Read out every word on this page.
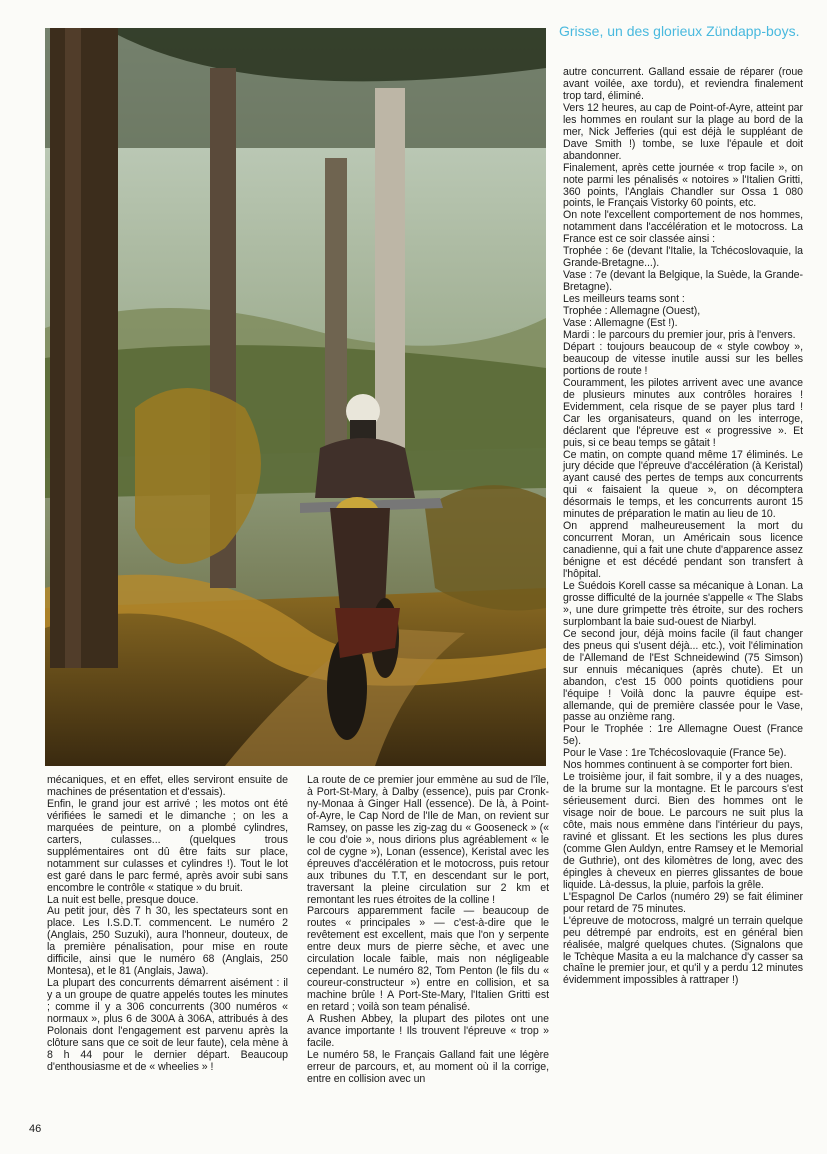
Grisse, un des glorieux Zündapp-boys.

mécaniques, et en effet, elles serviront ensuite de machines de présentation et d'essais).

Enfin, le grand jour est arrivé ; les motos ont été vérifiées le samedi et le dimanche ; on les a marquées de peinture, on a plombé cylindres, carters, culasses... (quelques trous supplémentaires ont dû être faits sur place, notamment sur culasses et cylindres !). Tout le lot est garé dans le parc fermé, après avoir subi sans encombre le contrôle « statique » du bruit.

La nuit est belle, presque douce.

Au petit jour, dès 7 h 30, les spectateurs sont en place. Les I.S.D.T. commencent. Le numéro 2 (Anglais, 250 Suzuki), aura l'honneur, douteux, de la première pénalisation, pour mise en route difficile, ainsi que le numéro 68 (Anglais, 250 Montesa), et le 81 (Anglais, Jawa).

La plupart des concurrents démarrent aisément : il y a un groupe de quatre appelés toutes les minutes ; comme il y a 306 concurrents (300 numéros « normaux », plus 6 de 300A à 306A, attribués à des Polonais dont l'engagement est parvenu après la clôture sans que ce soit de leur faute), cela mène à 8 h 44 pour le dernier départ. Beaucoup d'enthousiasme et de « wheelies » !

La route de ce premier jour emmène au sud de l'île, à Port-St-Mary, à Dalby (essence), puis par Cronk-ny-Monaa à Ginger Hall (essence). De là, à Point-of-Ayre, le Cap Nord de l'Ile de Man, on revient sur Ramsey, on passe les zig-zag du « Gooseneck » (« le cou d'oie », nous dirions plus agréablement « le col de cygne »), Lonan (essence), Keristal avec les épreuves d'accélération et le motocross, puis retour aux tribunes du T.T, en descendant sur le port, traversant la pleine circulation sur 2 km et remontant les rues étroites de la colline !

Parcours apparemment facile — beaucoup de routes « principales » — c'est-à-dire que le revêtement est excellent, mais que l'on y serpente entre deux murs de pierre sèche, et avec une circulation locale faible, mais non négligeable cependant. Le numéro 82, Tom Penton (le fils du « coureur-constructeur ») entre en collision, et sa machine brûle ! A Port-Ste-Mary, l'Italien Gritti est en retard ; voilà son team pénalisé.

A Rushen Abbey, la plupart des pilotes ont une avance importante ! Ils trouvent l'épreuve « trop » facile.

Le numéro 58, le Français Galland fait une légère erreur de parcours, et, au moment où il la corrige, entre en collision avec un

autre concurrent. Galland essaie de réparer (roue avant voilée, axe tordu), et reviendra finalement trop tard, éliminé.

Vers 12 heures, au cap de Point-of-Ayre, atteint par les hommes en roulant sur la plage au bord de la mer, Nick Jefferies (qui est déjà le suppléant de Dave Smith !) tombe, se luxe l'épaule et doit abandonner.

Finalement, après cette journée « trop facile », on note parmi les pénalisés « notoires » l'Italien Gritti, 360 points, l'Anglais Chandler sur Ossa 1 080 points, le Français Vistorky 60 points, etc.

On note l'excellent comportement de nos hommes, notamment dans l'accélération et le motocross. La France est ce soir classée ainsi :

Trophée : 6e (devant l'Italie, la Tchécoslovaquie, la Grande-Bretagne...).

Vase : 7e (devant la Belgique, la Suède, la Grande-Bretagne).

Les meilleurs teams sont :

Trophée : Allemagne (Ouest),

Vase : Allemagne (Est !).

Mardi : le parcours du premier jour, pris à l'envers.

Départ : toujours beaucoup de « style cowboy », beaucoup de vitesse inutile aussi sur les belles portions de route !

Couramment, les pilotes arrivent avec une avance de plusieurs minutes aux contrôles horaires ! Evidemment, cela risque de se payer plus tard ! Car les organisateurs, quand on les interroge, déclarent que l'épreuve est « progressive ». Et puis, si ce beau temps se gâtait !

Ce matin, on compte quand même 17 éliminés. Le jury décide que l'épreuve d'accélération (à Keristal) ayant causé des pertes de temps aux concurrents qui « faisaient la queue », on décomptera désormais le temps, et les concurrents auront 15 minutes de préparation le matin au lieu de 10.

On apprend malheureusement la mort du concurrent Moran, un Américain sous licence canadienne, qui a fait une chute d'apparence assez bénigne et est décédé pendant son transfert à l'hôpital.

Le Suédois Korell casse sa mécanique à Lonan. La grosse difficulté de la journée s'appelle « The Slabs », une dure grimpette très étroite, sur des rochers surplombant la baie sud-ouest de Niarbyl.

Ce second jour, déjà moins facile (il faut changer des pneus qui s'usent déjà... etc.), voit l'élimination de l'Allemand de l'Est Schneidewind (75 Simson) sur ennuis mécaniques (après chute). Et un abandon, c'est 15 000 points quotidiens pour l'équipe ! Voilà donc la pauvre équipe est-allemande, qui de première classée pour le Vase, passe au onzième rang.

Pour le Trophée : 1re Allemagne Ouest (France 5e).

Pour le Vase : 1re Tchécoslovaquie (France 5e).

Nos hommes continuent à se comporter fort bien.

Le troisième jour, il fait sombre, il y a des nuages, de la brume sur la montagne. Et le parcours s'est sérieusement durci. Bien des hommes ont le visage noir de boue. Le parcours ne suit plus la côte, mais nous emmène dans l'intérieur du pays, raviné et glissant. Et les sections les plus dures (comme Glen Auldyn, entre Ramsey et le Memorial de Guthrie), ont des kilomètres de long, avec des épingles à cheveux en pierres glissantes de boue liquide. Là-dessus, la pluie, parfois la grêle.

L'Espagnol De Carlos (numéro 29) se fait éliminer pour retard de 75 minutes.

L'épreuve de motocross, malgré un terrain quelque peu détrempé par endroits, est en général bien réalisée, malgré quelques chutes. (Signalons que le Tchèque Masita a eu la malchance d'y casser sa chaîne le premier jour, et qu'il y a perdu 12 minutes évidemment impossibles à rattraper !)

46
